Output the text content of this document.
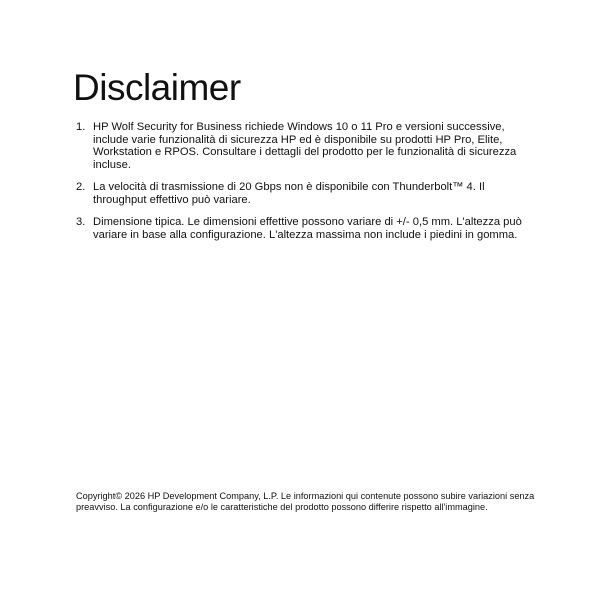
Disclaimer
1. HP Wolf Security for Business richiede Windows 10 o 11 Pro e versioni successive, include varie funzionalità di sicurezza HP ed è disponibile su prodotti HP Pro, Elite, Workstation e RPOS. Consultare i dettagli del prodotto per le funzionalità di sicurezza incluse.
2. La velocità di trasmissione di 20 Gbps non è disponibile con Thunderbolt™ 4. Il throughput effettivo può variare.
3. Dimensione tipica. Le dimensioni effettive possono variare di +/- 0,5 mm. L'altezza può variare in base alla configurazione. L'altezza massima non include i piedini in gomma.

Copyright© 2026 HP Development Company, L.P. Le informazioni qui contenute possono subire variazioni senza preavviso. La configurazione e/o le caratteristiche del prodotto possono differire rispetto all'immagine.
